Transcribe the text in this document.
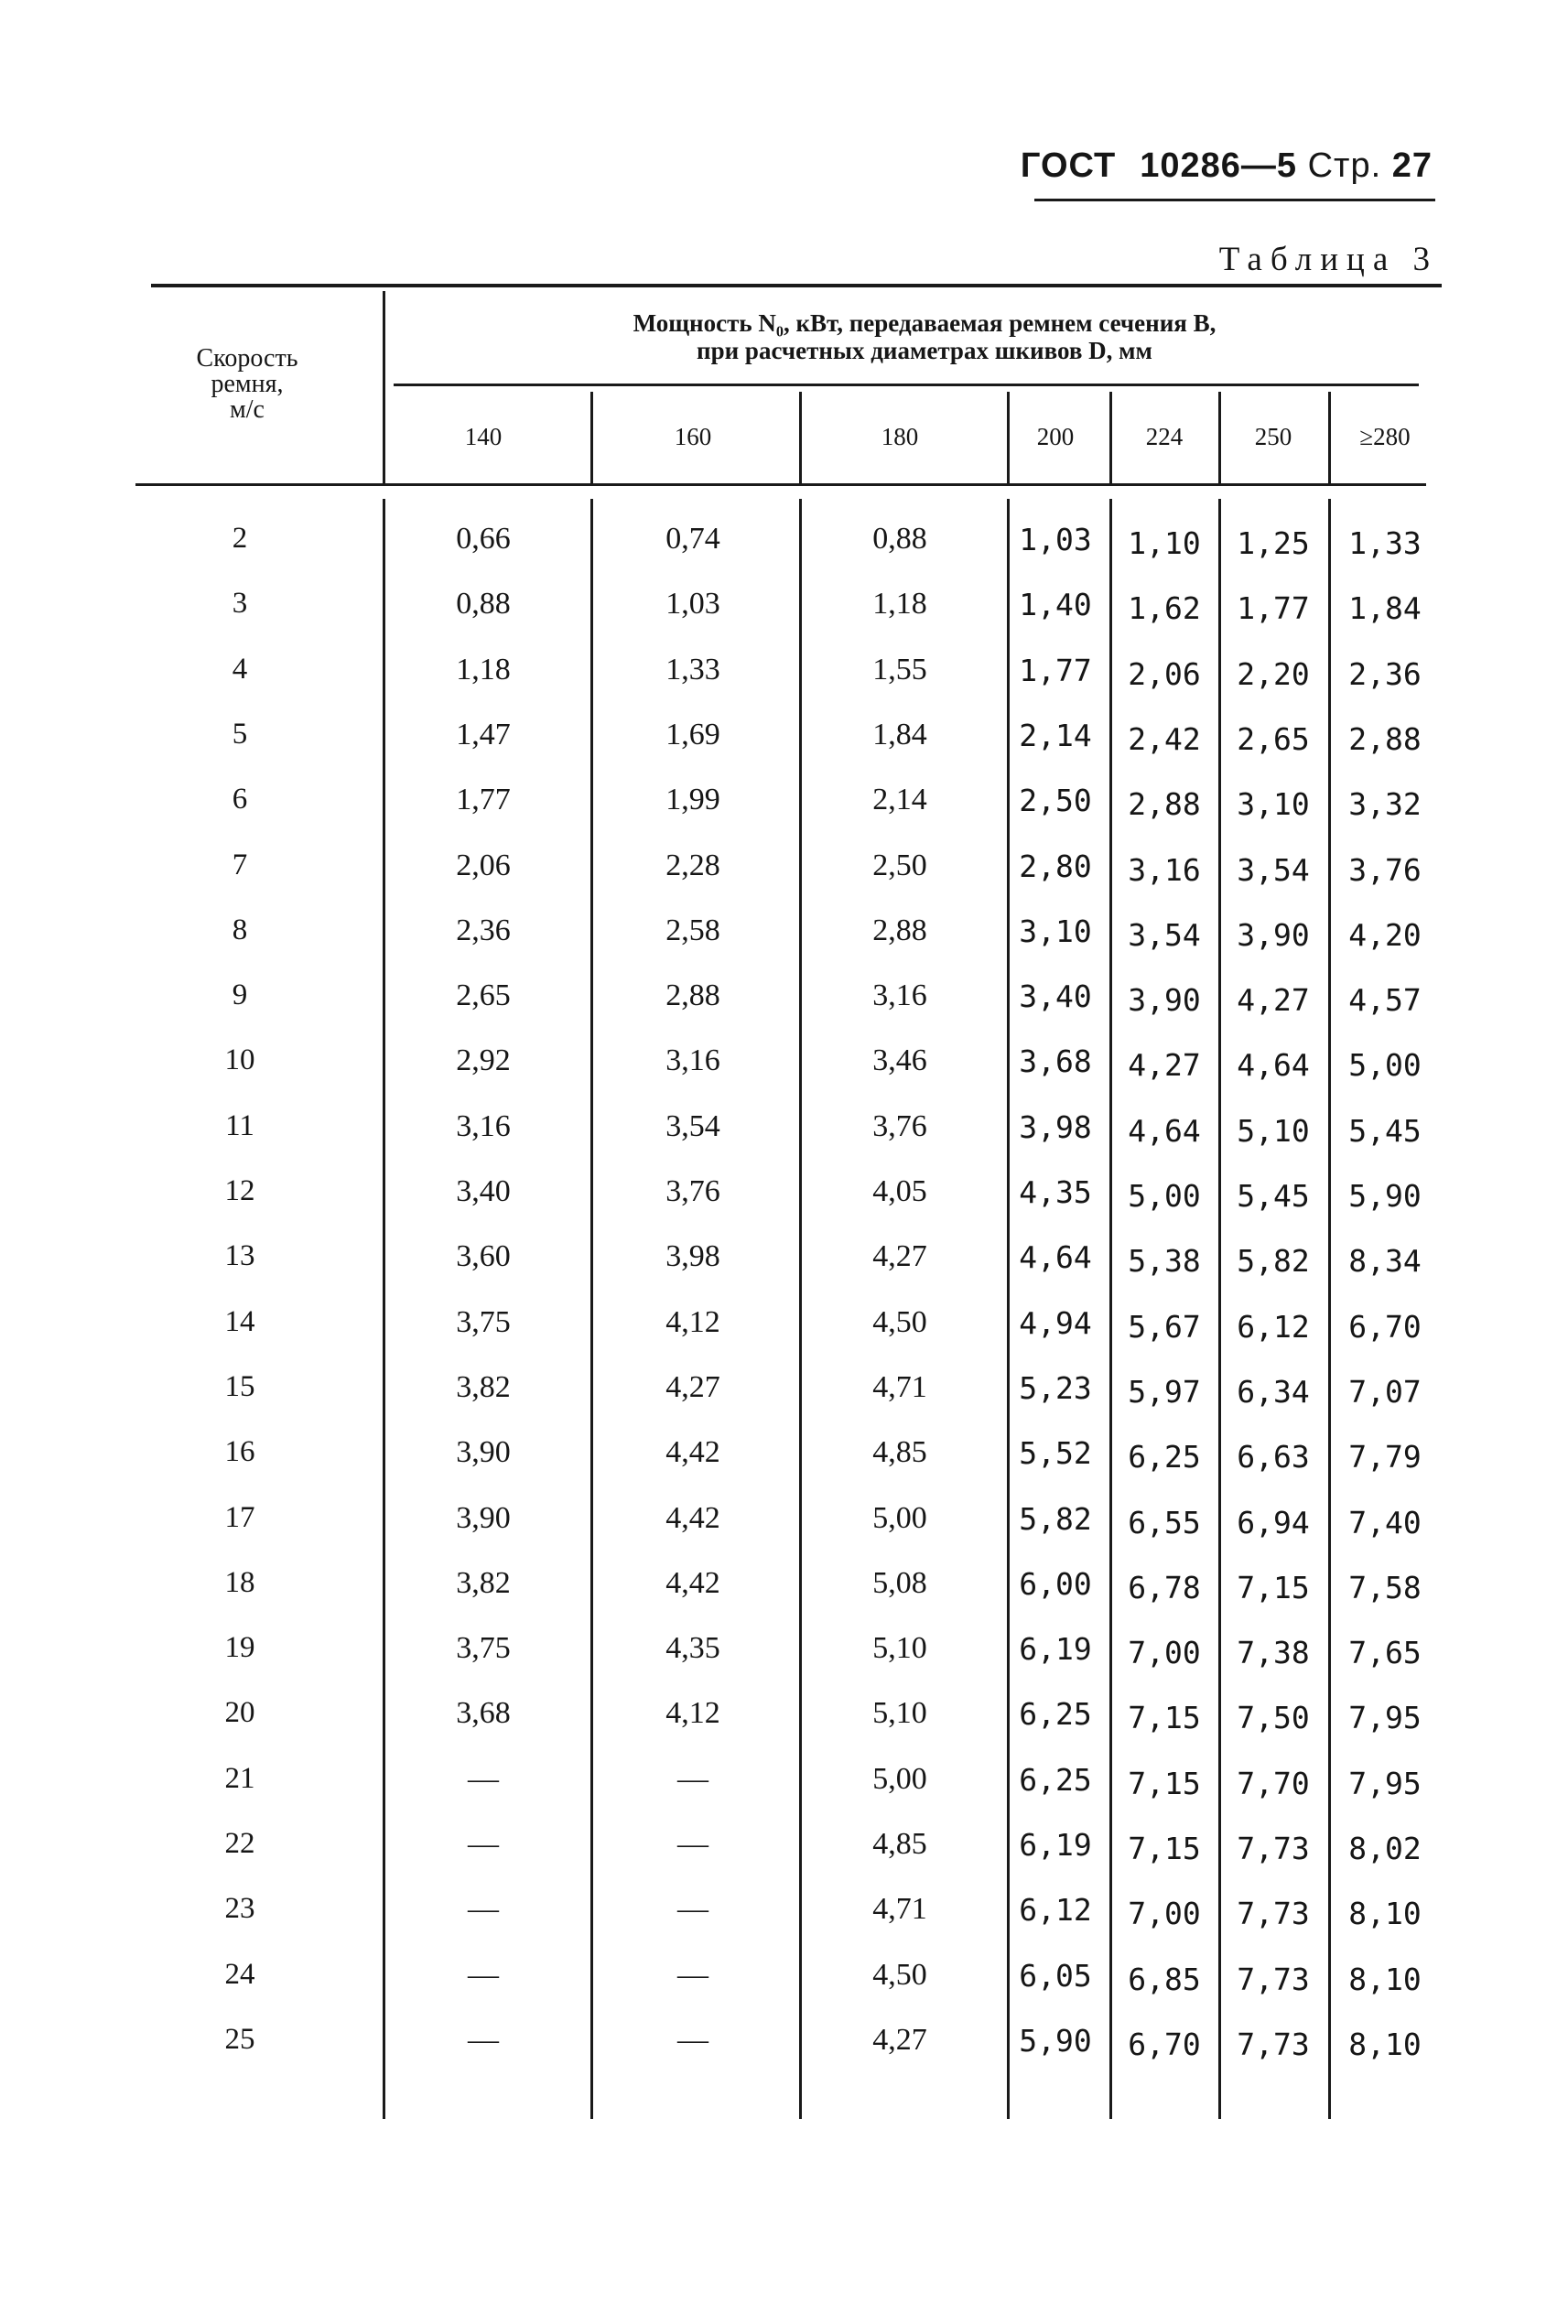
ГОСТ 10286—5 Стр. 27
Таблица 3
Скорость
ремня,
м/с
Мощность N₀, кВт, передаваемая ремнем сечения B,
при расчетных диаметрах шкивов D, мм
140	160	180	200	224	250	≥280
2	0,66	0,74	0,88	1,03	1,10	1,25	1,33
3	0,88	1,03	1,18	1,40	1,62	1,77	1,84
4	1,18	1,33	1,55	1,77	2,06	2,20	2,36
5	1,47	1,69	1,84	2,14	2,42	2,65	2,88
6	1,77	1,99	2,14	2,50	2,88	3,10	3,32
7	2,06	2,28	2,50	2,80	3,16	3,54	3,76
8	2,36	2,58	2,88	3,10	3,54	3,90	4,20
9	2,65	2,88	3,16	3,40	3,90	4,27	4,57
10	2,92	3,16	3,46	3,68	4,27	4,64	5,00
11	3,16	3,54	3,76	3,98	4,64	5,10	5,45
12	3,40	3,76	4,05	4,35	5,00	5,45	5,90
13	3,60	3,98	4,27	4,64	5,38	5,82	8,34
14	3,75	4,12	4,50	4,94	5,67	6,12	6,70
15	3,82	4,27	4,71	5,23	5,97	6,34	7,07
16	3,90	4,42	4,85	5,52	6,25	6,63	7,79
17	3,90	4,42	5,00	5,82	6,55	6,94	7,40
18	3,82	4,42	5,08	6,00	6,78	7,15	7,58
19	3,75	4,35	5,10	6,19	7,00	7,38	7,65
20	3,68	4,12	5,10	6,25	7,15	7,50	7,95
21	—	—	5,00	6,25	7,15	7,70	7,95
22	—	—	4,85	6,19	7,15	7,73	8,02
23	—	—	4,71	6,12	7,00	7,73	8,10
24	—	—	4,50	6,05	6,85	7,73	8,10
25	—	—	4,27	5,90	6,70	7,73	8,10
